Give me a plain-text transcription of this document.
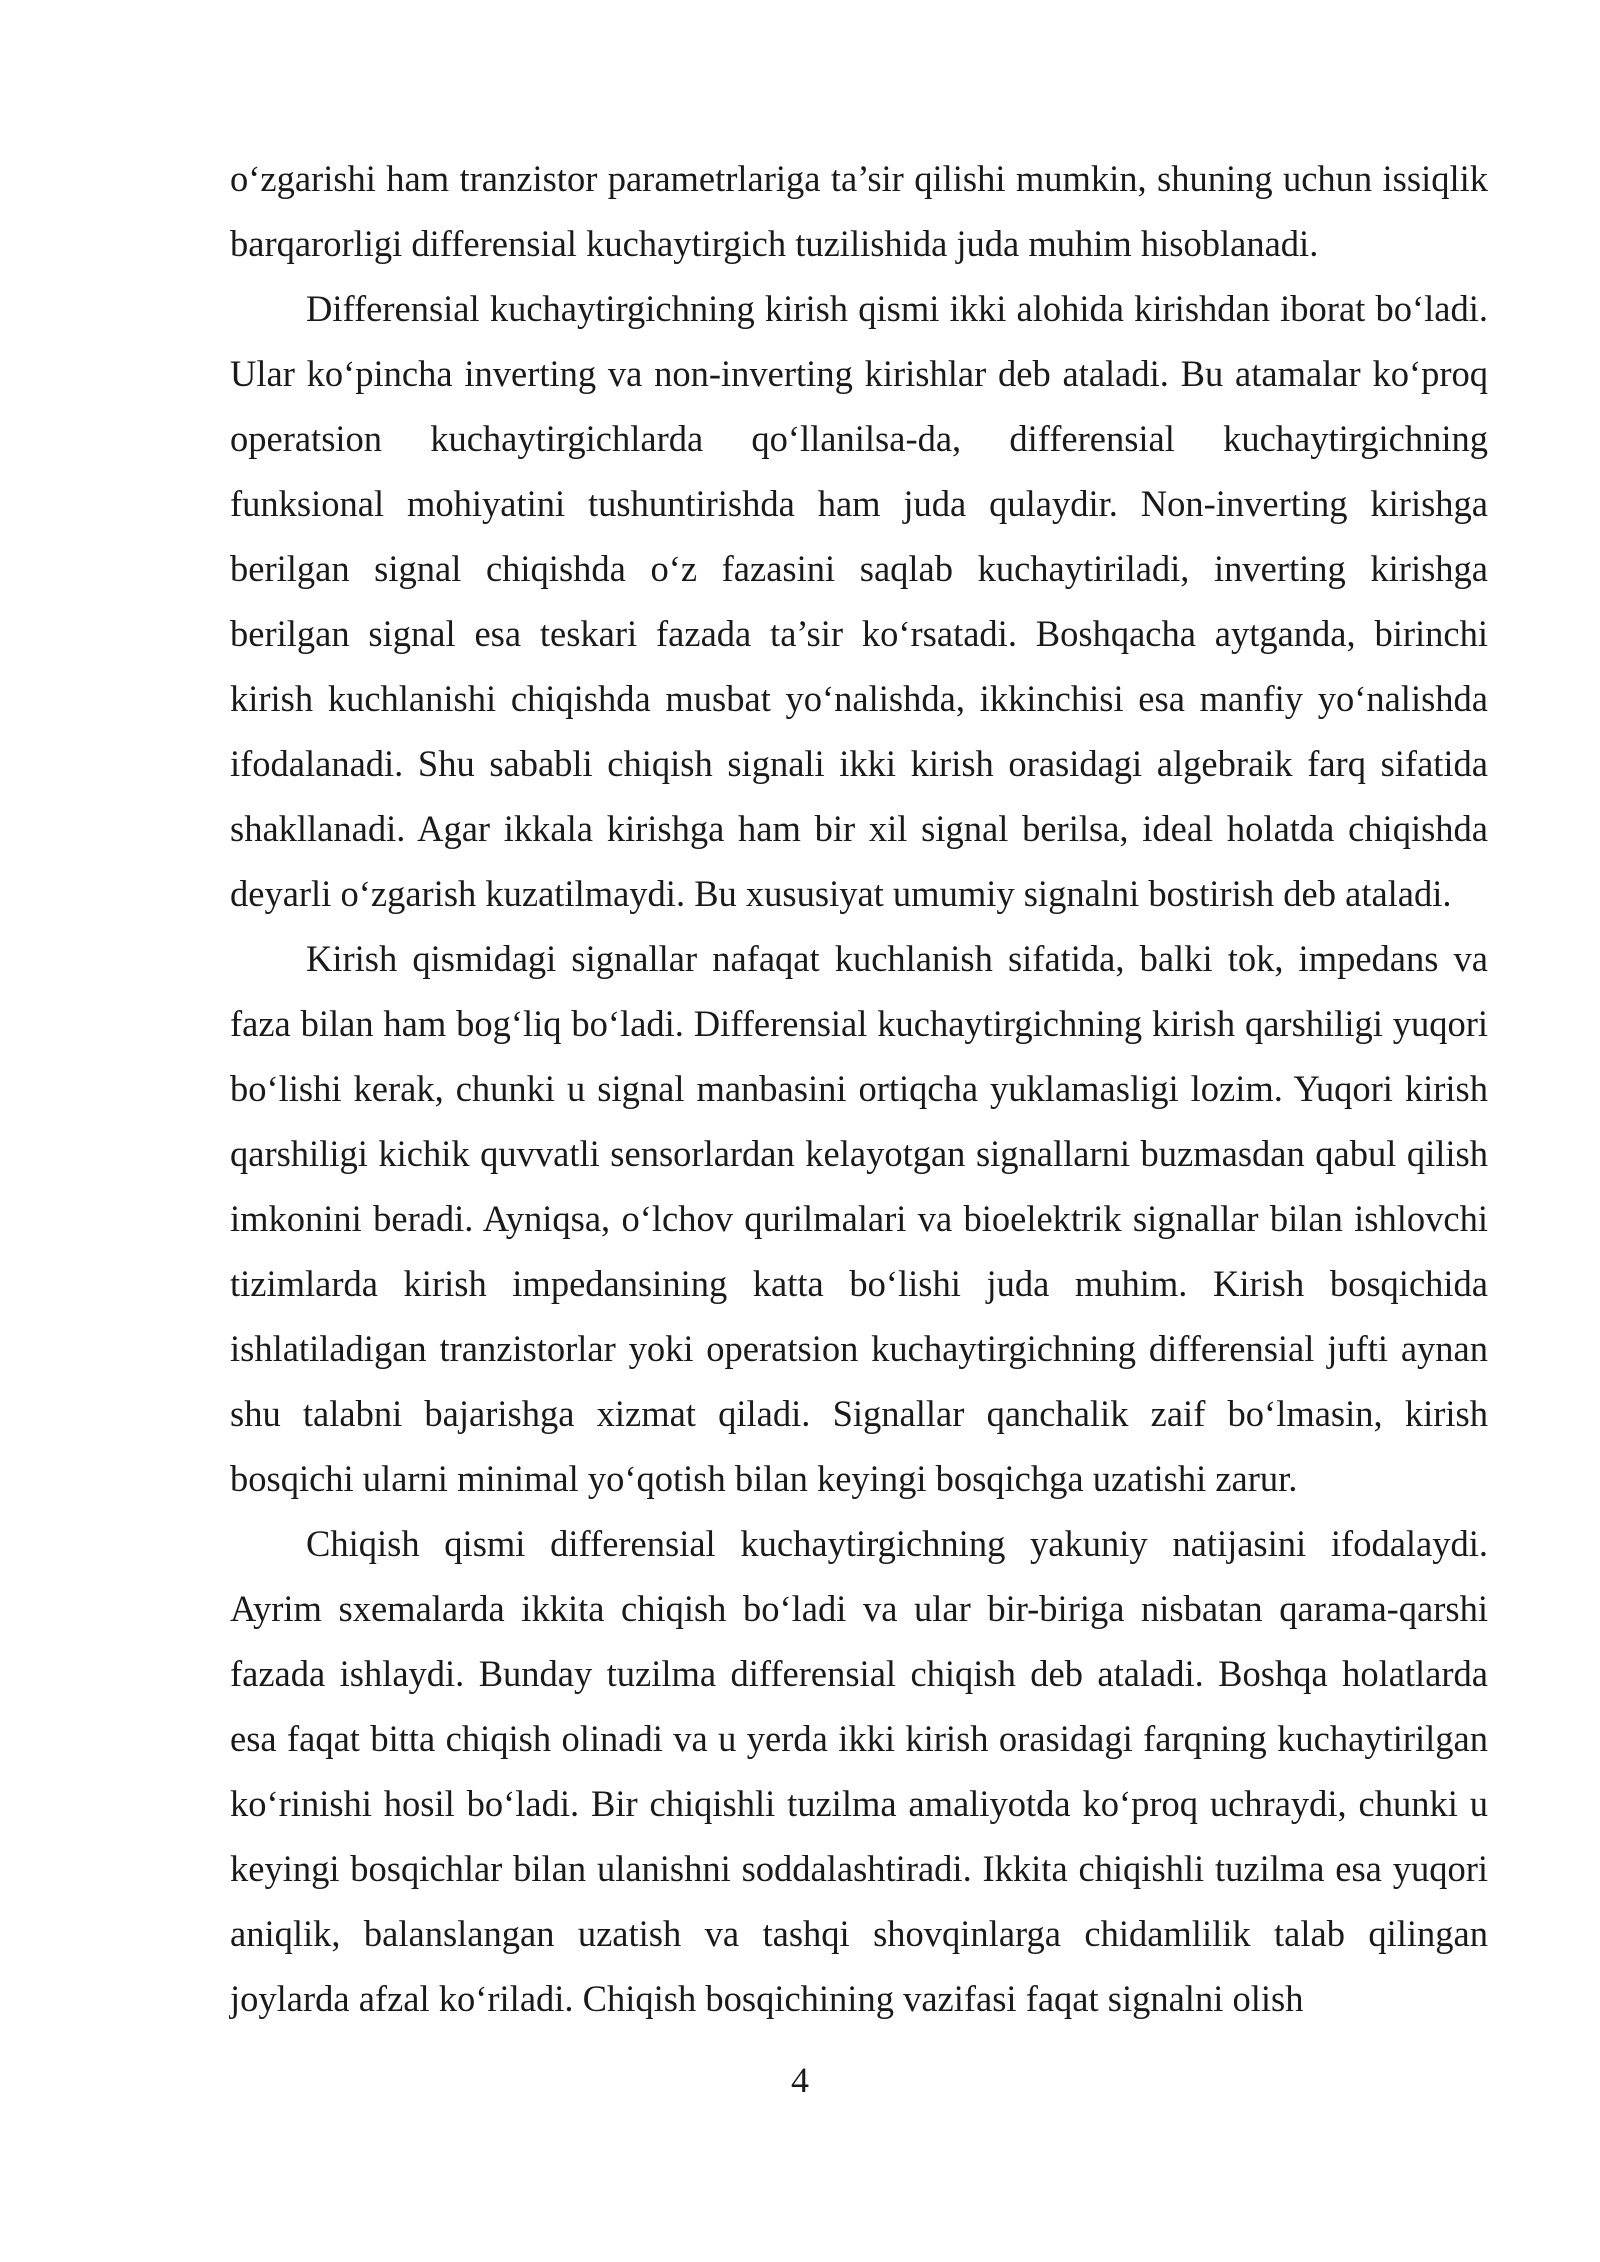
o‘zgarishi ham tranzistor parametrlariga ta’sir qilishi mumkin, shuning uchun issiqlik barqarorligi differensial kuchaytirgich tuzilishida juda muhim hisoblanadi.

Differensial kuchaytirgichning kirish qismi ikki alohida kirishdan iborat bo‘ladi. Ular ko‘pincha inverting va non-inverting kirishlar deb ataladi. Bu atamalar ko‘proq operatsion kuchaytirgichlarda qo‘llanilsa-da, differensial kuchaytirgichning funksional mohiyatini tushuntirishda ham juda qulaydir. Non-inverting kirishga berilgan signal chiqishda o‘z fazasini saqlab kuchaytiriladi, inverting kirishga berilgan signal esa teskari fazada ta’sir ko‘rsatadi. Boshqacha aytganda, birinchi kirish kuchlanishi chiqishda musbat yo‘nalishda, ikkinchisi esa manfiy yo‘nalishda ifodalanadi. Shu sababli chiqish signali ikki kirish orasidagi algebraik farq sifatida shakllanadi. Agar ikkala kirishga ham bir xil signal berilsa, ideal holatda chiqishda deyarli o‘zgarish kuzatilmaydi. Bu xususiyat umumiy signalni bostirish deb ataladi.

Kirish qismidagi signallar nafaqat kuchlanish sifatida, balki tok, impedans va faza bilan ham bog‘liq bo‘ladi. Differensial kuchaytirgichning kirish qarshiligi yuqori bo‘lishi kerak, chunki u signal manbasini ortiqcha yuklamasligi lozim. Yuqori kirish qarshiligi kichik quvvatli sensorlardan kelayotgan signallarni buzmasdan qabul qilish imkonini beradi. Ayniqsa, o‘lchov qurilmalari va bioelektrik signallar bilan ishlovchi tizimlarda kirish impedansining katta bo‘lishi juda muhim. Kirish bosqichida ishlatiladigan tranzistorlar yoki operatsion kuchaytirgichning differensial jufti aynan shu talabni bajarishga xizmat qiladi. Signallar qanchalik zaif bo‘lmasin, kirish bosqichi ularni minimal yo‘qotish bilan keyingi bosqichga uzatishi zarur.

Chiqish qismi differensial kuchaytirgichning yakuniy natijasini ifodalaydi. Ayrim sxemalarda ikkita chiqish bo‘ladi va ular bir-biriga nisbatan qarama-qarshi fazada ishlaydi. Bunday tuzilma differensial chiqish deb ataladi. Boshqa holatlarda esa faqat bitta chiqish olinadi va u yerda ikki kirish orasidagi farqning kuchaytirilgan ko‘rinishi hosil bo‘ladi. Bir chiqishli tuzilma amaliyotda ko‘proq uchraydi, chunki u keyingi bosqichlar bilan ulanishni soddalashtiradi. Ikkita chiqishli tuzilma esa yuqori aniqlik, balanslangan uzatish va tashqi shovqinlarga chidamlilik talab qilingan joylarda afzal ko‘riladi. Chiqish bosqichining vazifasi faqat signalni olish

4
